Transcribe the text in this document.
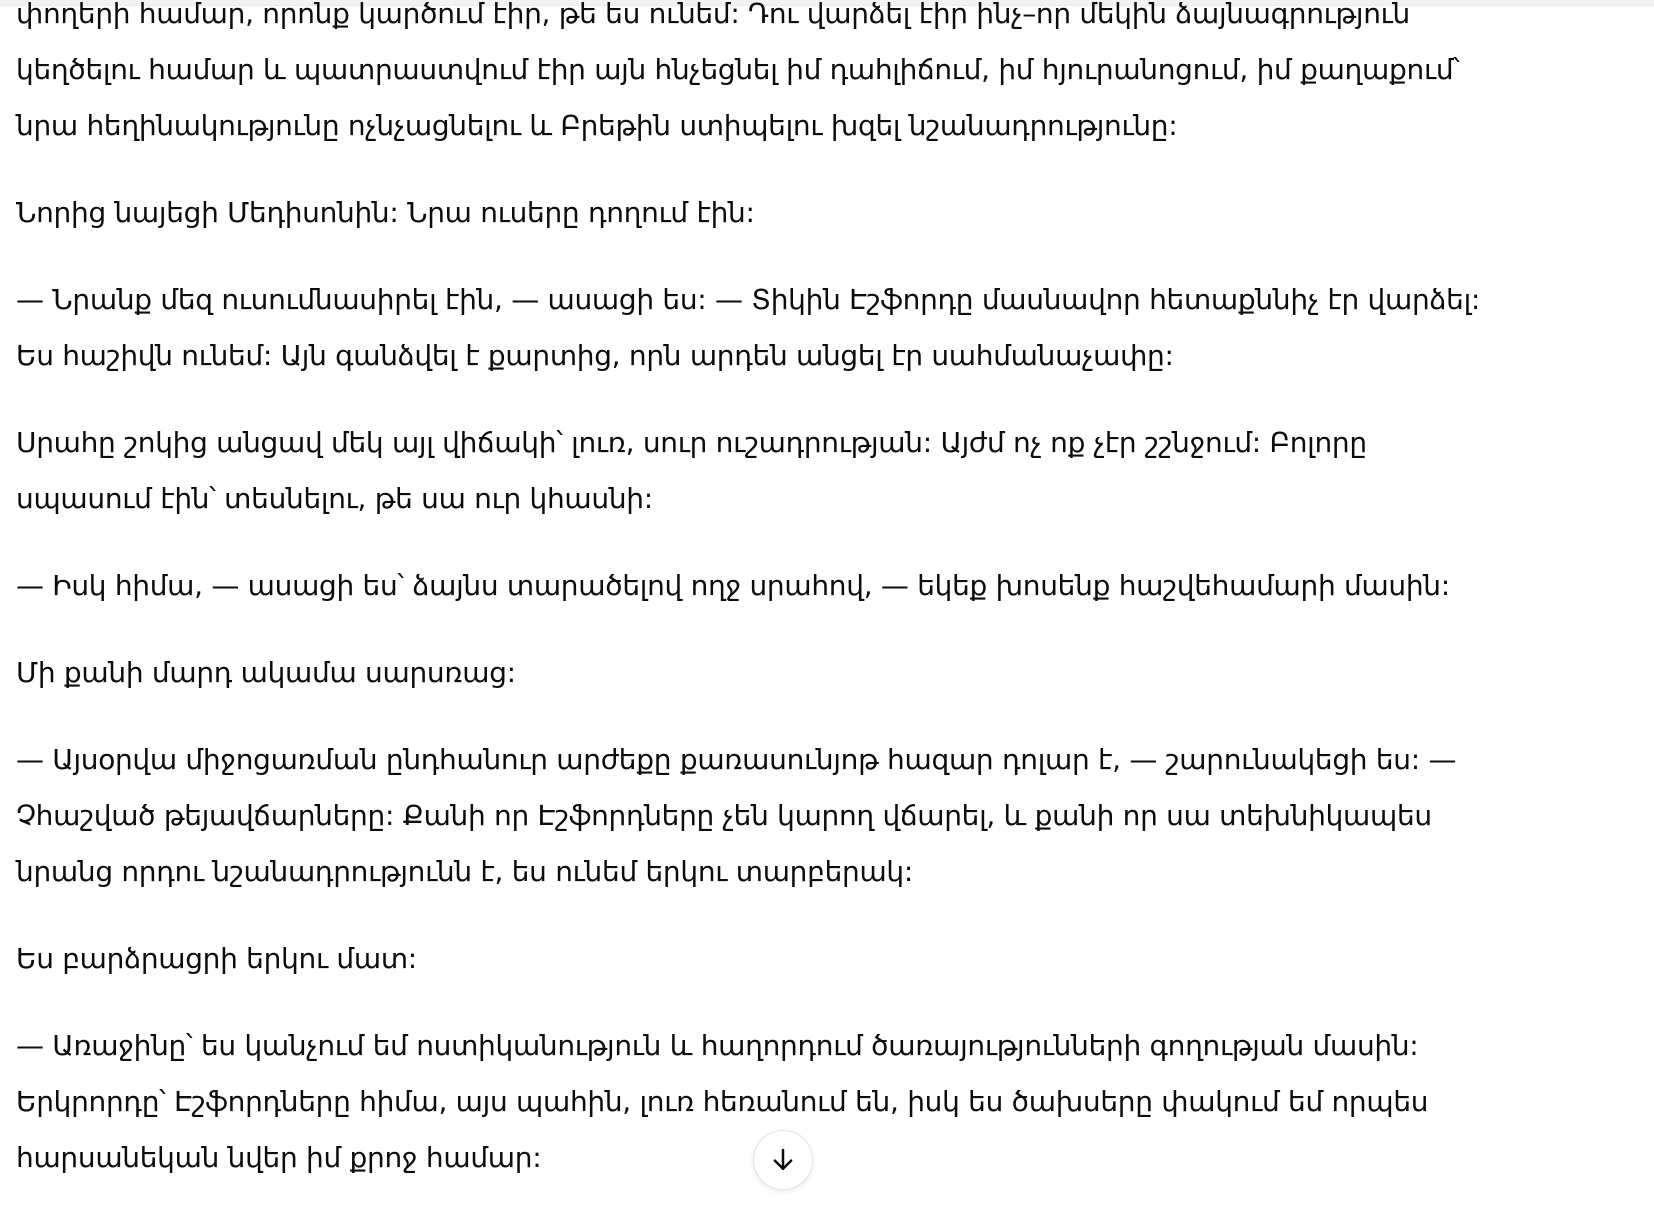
փողերի համար, որոնք կարծում էիր, թե ես ունեմ: Դու վարձել էիր ինչ–որ մեկին ձայնագրություն
կեղծելու համար և պատրաստվում էիր այն հնչեցնել իմ դահլիճում, իմ հյուրանոցում, իմ քաղաքում՝
նրա հեղինակությունը ոչնչացնելու և Բրեթին ստիպելու խզել նշանադրությունը:

Նորից նայեցի Մեդիսոնին: Նրա ուսերը դողում էին:

— Նրանք մեզ ուսումնասիրել էին, — ասացի ես: — Տիկին Էշֆորդը մասնավոր հետաքննիչ էր վարձել:
Ես հաշիվն ունեմ: Այն գանձվել է քարտից, որն արդեն անցել էր սահմանաչափը:

Սրահը շոկից անցավ մեկ այլ վիճակի՝ լուռ, սուր ուշադրության: Այժմ ոչ ոք չէր շշնջում: Բոլորը
սպասում էին՝ տեսնելու, թե սա ուր կհասնի:

— Իսկ հիմա, — ասացի ես՝ ձայնս տարածելով ողջ սրահով, — եկեք խոսենք հաշվեհամարի մասին:

Մի քանի մարդ ակամա սարսռաց:

— Այսօրվա միջոցառման ընդհանուր արժեքը քառասունյոթ հազար դոլար է, — շարունակեցի ես: —
Չհաշված թեյավճարները: Քանի որ Էշֆորդները չեն կարող վճարել, և քանի որ սա տեխնիկապես
նրանց որդու նշանադրությունն է, ես ունեմ երկու տարբերակ:

Ես բարձրացրի երկու մատ:

— Առաջինը՝ ես կանչում եմ ոստիկանություն և հաղորդում ծառայությունների գողության մասին:
Երկրորդը՝ Էշֆորդները հիմա, այս պահին, լուռ հեռանում են, իսկ ես ծախսերը փակում եմ որպես
հարսանեկան նվեր իմ քրոջ համար:
